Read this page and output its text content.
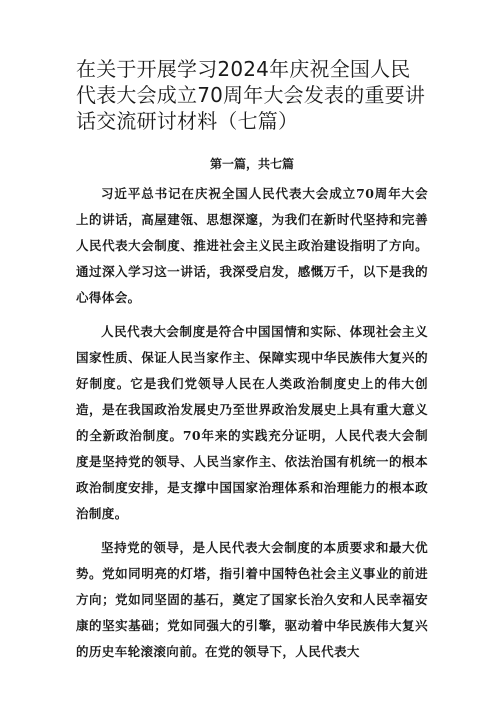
在关于开展学习2024年庆祝全国人民代表大会成立70周年大会发表的重要讲话交流研讨材料（七篇）
第一篇，共七篇

习近平总书记在庆祝全国人民代表大会成立70周年大会上的讲话，高屋建瓴、思想深邃，为我们在新时代坚持和完善人民代表大会制度、推进社会主义民主政治建设指明了方向。通过深入学习这一讲话，我深受启发，感慨万千，以下是我的心得体会。

人民代表大会制度是符合中国国情和实际、体现社会主义国家性质、保证人民当家作主、保障实现中华民族伟大复兴的好制度。它是我们党领导人民在人类政治制度史上的伟大创造，是在我国政治发展史乃至世界政治发展史上具有重大意义的全新政治制度。70年来的实践充分证明，人民代表大会制度是坚持党的领导、人民当家作主、依法治国有机统一的根本政治制度安排，是支撑中国国家治理体系和治理能力的根本政治制度。

坚持党的领导，是人民代表大会制度的本质要求和最大优势。党如同明亮的灯塔，指引着中国特色社会主义事业的前进方向；党如同坚固的基石，奠定了国家长治久安和人民幸福安康的坚实基础；党如同强大的引擎，驱动着中华民族伟大复兴的历史车轮滚滚向前。在党的领导下，人民代表大
